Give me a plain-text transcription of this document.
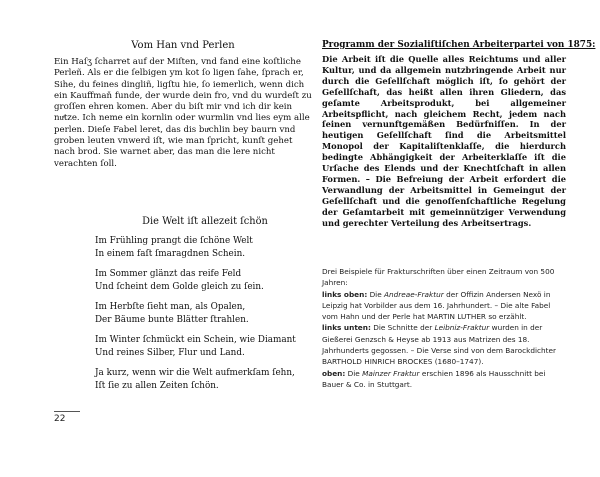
Vom Han vnd Perlen
Ein Haſʒ ſcharret auf der Miſten, vnd fand eine koſtliche Perleñ. Als er die ſelbigen ym kot ſo ligen ſahe, ſprach er, Sihe, du feines dingliñ, ligſtu hie, ſo iemerlich, wenn dich ein Kauffmaň funde, der wurde dein fro, vnd du wurdeſt zu groſſen ehren komen. Aber du biſt mir vnd ich dir kein nuͤtze. Ich neme ein kornlin oder wurmlin vnd lies eym alle perlen. Dieſe Fabel leret, das dis buͤchlin bey baurn vnd groben leuten vnwerd iſt, wie man ſpricht, kunſt gehet nach brod. Sie warnet aber, das man die lere nicht verachten ſoll.
Programm der Sozialiſtiſchen Arbeiterpartei von 1875:
Die Arbeit iſt die Quelle alles Reichtums und aller Kultur, und da allgemein nutzbringende Arbeit nur durch die Geſellſchaft möglich iſt, ſo gehört der Geſellſchaft, das heißt allen ihren Gliedern, das geſamte Arbeitsprodukt, bei allgemeiner Arbeitspflicht, nach gleichem Recht, jedem nach ſeinen vernunftgemäßen Bedürfniſſen. In der heutigen Geſellſchaft ſind die Arbeitsmittel Monopol der Kapitaliſtenklaſſe, die hierdurch bedingte Abhängigkeit der Arbeiterklaſſe iſt die Urſache des Elends und der Knechtſchaft in allen Formen. – Die Befreiung der Arbeit erfordert die Verwandlung der Arbeitsmittel in Gemeingut der Geſellſchaft und die genoſſenſchaftliche Regelung der Geſamtarbeit mit gemeinnütziger Verwendung und gerechter Verteilung des Arbeitsertrags.
Die Welt iſt allezeit ſchön
Im Frühling prangt die ſchöne Welt
In einem faſt ſmaragdnen Schein.
Im Sommer glänzt das reife Feld
Und ſcheint dem Golde gleich zu ſein.
Im Herbſte ſieht man, als Opalen,
Der Bäume bunte Blätter ſtrahlen.
Im Winter ſchmückt ein Schein, wie Diamant
Und reines Silber, Flur und Land.
Ja kurz, wenn wir die Welt aufmerkſam ſehn,
Iſt ſie zu allen Zeiten ſchön.
Drei Beispiele für Frakturschriften über einen Zeitraum von 500 Jahren:
links oben: Die Andreae-Fraktur der Offizin Andersen Nexö in Leipzig hat Vorbilder aus dem 16. Jahrhundert. – Die alte Fabel vom Hahn und der Perle hat MARTIN LUTHER so erzählt.
links unten: Die Schnitte der Leibniz-Fraktur wurden in der Gießerei Genzsch & Heyse ab 1913 aus Matrizen des 18. Jahrhunderts gegossen. – Die Verse sind von dem Barockdichter BARTHOLD HINRICH BROCKES (1680–1747).
oben: Die Mainzer Fraktur erschien 1896 als Hausschnitt bei Bauer & Co. in Stuttgart.
22
